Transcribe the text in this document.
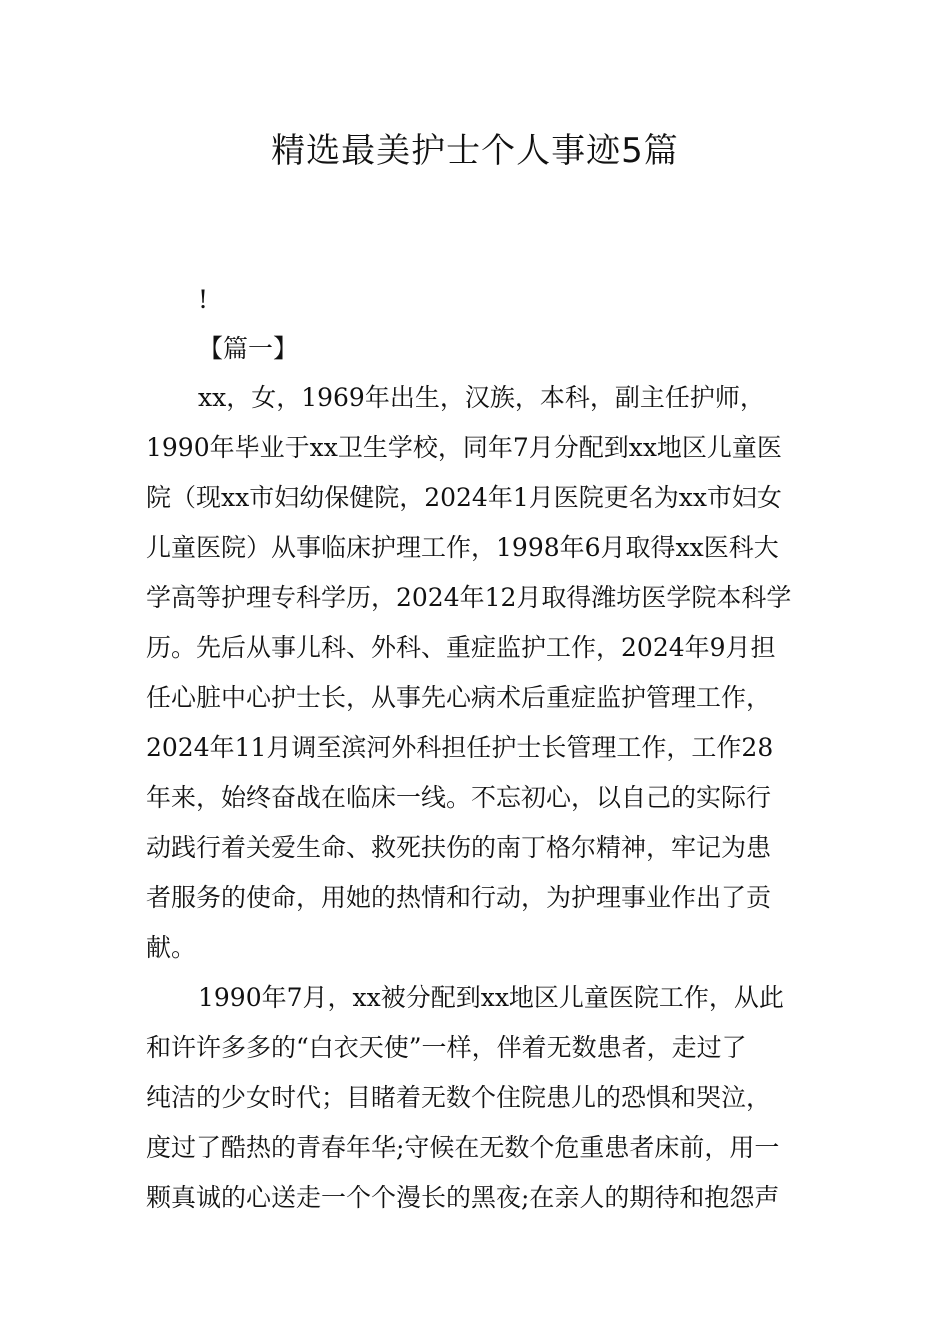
精选最美护士个人事迹5篇
!
【篇一】
xx，女，1969年出生，汉族，本科，副主任护师，
1990年毕业于xx卫生学校，同年7月分配到xx地区儿童医
院（现xx市妇幼保健院，2024年1月医院更名为xx市妇女
儿童医院）从事临床护理工作，1998年6月取得xx医科大
学高等护理专科学历，2024年12月取得潍坊医学院本科学
历。先后从事儿科、外科、重症监护工作，2024年9月担
任心脏中心护士长，从事先心病术后重症监护管理工作，
2024年11月调至滨河外科担任护士长管理工作，工作28
年来，始终奋战在临床一线。不忘初心，以自己的实际行
动践行着关爱生命、救死扶伤的南丁格尔精神，牢记为患
者服务的使命，用她的热情和行动，为护理事业作出了贡
献。
1990年7月，xx被分配到xx地区儿童医院工作，从此
和许许多多的“白衣天使”一样，伴着无数患者，走过了
纯洁的少女时代；目睹着无数个住院患儿的恐惧和哭泣，
度过了酷热的青春年华;守候在无数个危重患者床前，用一
颗真诚的心送走一个个漫长的黑夜;在亲人的期待和抱怨声
